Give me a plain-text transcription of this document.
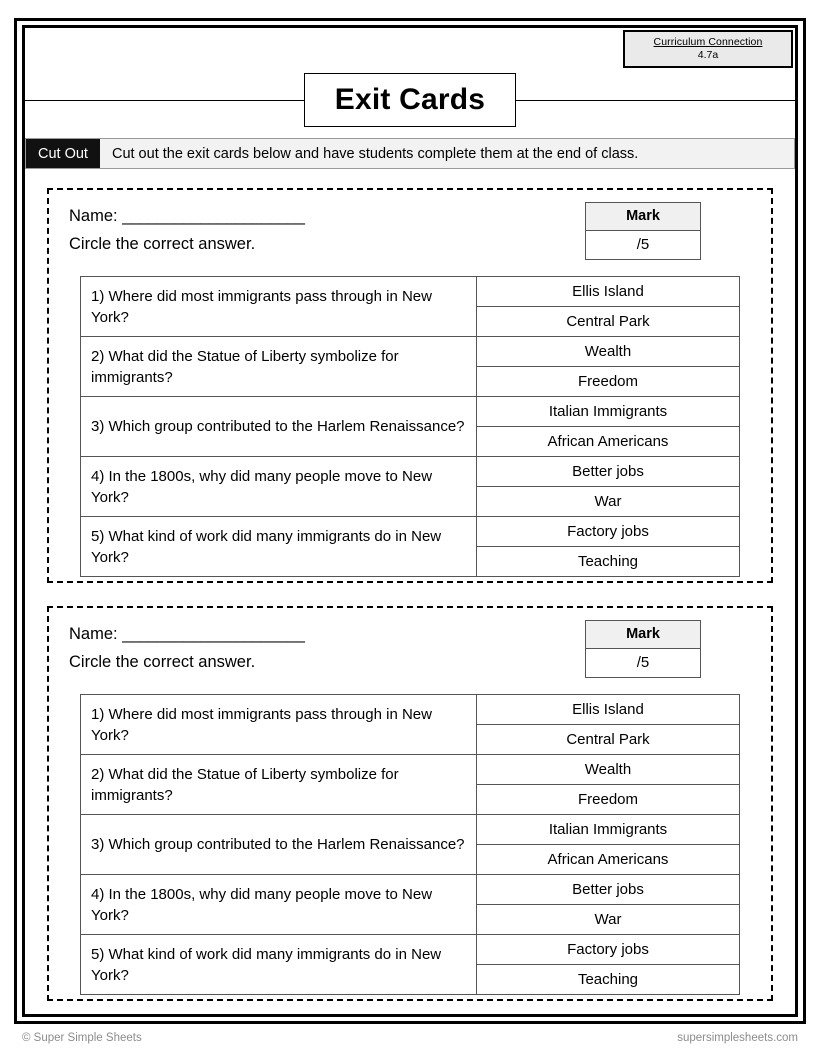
Curriculum Connection
4.7a
Exit Cards
Cut Out	Cut out the exit cards below and have students complete them at the end of class.
Name: _____________________
Circle the correct answer.
Mark
/5
1) Where did most immigrants pass through in New York?
Ellis Island
Central Park
2) What did the Statue of Liberty symbolize for immigrants?
Wealth
Freedom
3) Which group contributed to the Harlem Renaissance?
Italian Immigrants
African Americans
4) In the 1800s, why did many people move to New York?
Better jobs
War
5) What kind of work did many immigrants do in New York?
Factory jobs
Teaching
Name: _____________________
Circle the correct answer.
Mark
/5
1) Where did most immigrants pass through in New York?
Ellis Island
Central Park
2) What did the Statue of Liberty symbolize for immigrants?
Wealth
Freedom
3) Which group contributed to the Harlem Renaissance?
Italian Immigrants
African Americans
4) In the 1800s, why did many people move to New York?
Better jobs
War
5) What kind of work did many immigrants do in New York?
Factory jobs
Teaching
© Super Simple Sheets	supersimplesheets.com
